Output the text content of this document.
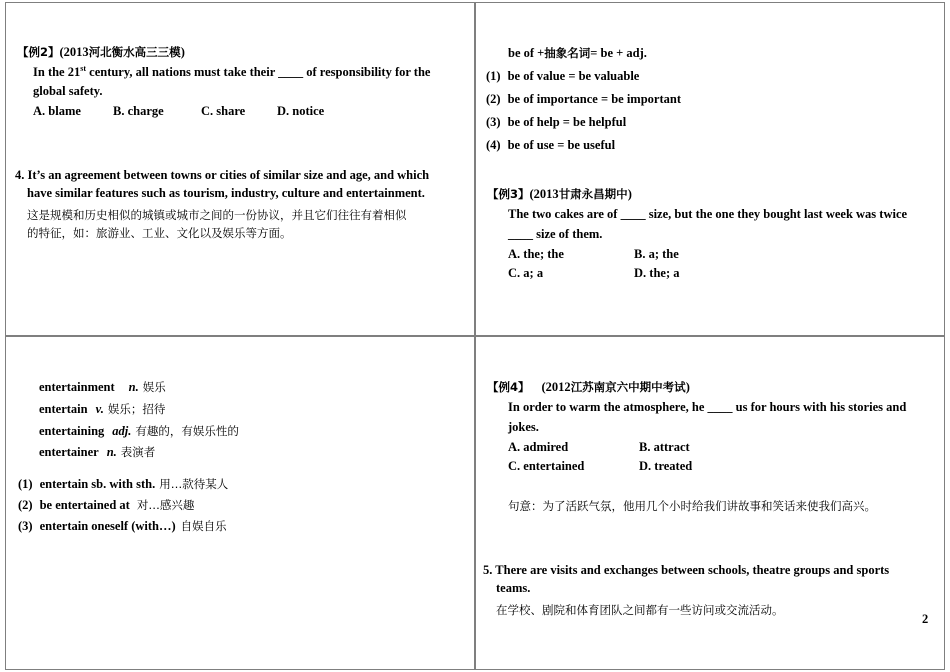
【例2】(2013河北衡水高三三模)
In the 21st century, all nations must take their ____ of responsibility for the
global safety.
A. blame	B. charge	C. share	D. notice
4. It’s an agreement between towns or cities of similar size and age, and which
have similar features such as tourism, industry, culture and entertainment.
这是规模和历史相似的城镇或城市之间的一份协议，并且它们往往有着相似
的特征，如：旅游业、工业、文化以及娱乐等方面。
be of +抽象名词= be + adj.
(1) be of value = be valuable
(2) be of importance = be important
(3) be of help = be helpful
(4) be of use = be useful
【例3】(2013甘肃永昌期中)
The two cakes are of ____ size, but the one they bought last week was twice
____ size of them.
A. the; the	B. a; the
C. a; a	D. the; a
entertainment n. 娱乐
entertain v. 娱乐；招待
entertaining adj. 有趣的，有娱乐性的
entertainer n. 表演者
(1) entertain sb. with sth. 用…款待某人
(2) be entertained at 对…感兴趣
(3) entertain oneself (with…) 自娱自乐
【例4】 (2012江苏南京六中期中考试)
In order to warm the atmosphere, he ____ us for hours with his stories and
jokes.
A. admired	B. attract
C. entertained	D. treated
句意：为了活跃气氛，他用几个小时给我们讲故事和笑话来使我们高兴。
5. There are visits and exchanges between schools, theatre groups and sports
teams.
在学校、剧院和体育团队之间都有一些访问或交流活动。
2
